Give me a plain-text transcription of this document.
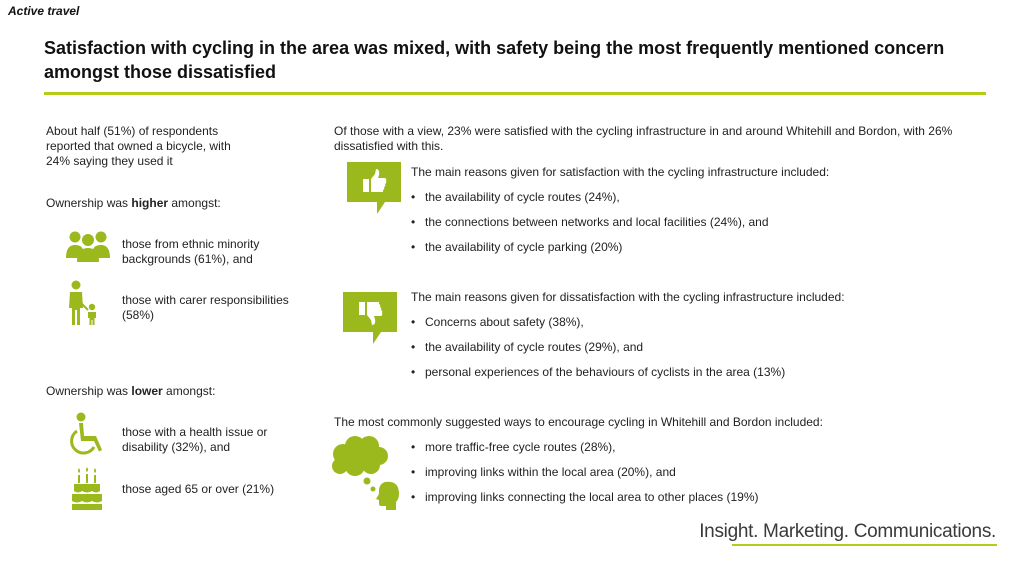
Active travel
Satisfaction with cycling in the area was mixed, with safety being the most frequently mentioned concern amongst those dissatisfied
About half (51%) of respondents reported that owned a bicycle, with 24% saying they used it
Ownership was higher amongst:
those from ethnic minority backgrounds (61%), and
those with carer responsibilities (58%)
Ownership was lower amongst:
those with a health issue or disability (32%), and
those aged 65 or over (21%)
Of those with a view, 23% were satisfied with the cycling infrastructure in and around Whitehill and Bordon, with 26% dissatisfied with this.
The main reasons given for satisfaction with the cycling infrastructure included:
• the availability of cycle routes (24%),
• the connections between networks and local facilities (24%), and
• the availability of cycle parking (20%)
The main reasons given for dissatisfaction with the cycling infrastructure included:
• Concerns about safety (38%),
• the availability of cycle routes (29%), and
• personal experiences of the behaviours of cyclists in the area (13%)
The most commonly suggested ways to encourage cycling in Whitehill and Bordon included:
• more traffic-free cycle routes (28%),
• improving links within the local area (20%), and
• improving links connecting the local area to other places (19%)
Insight. Marketing. Communications.
